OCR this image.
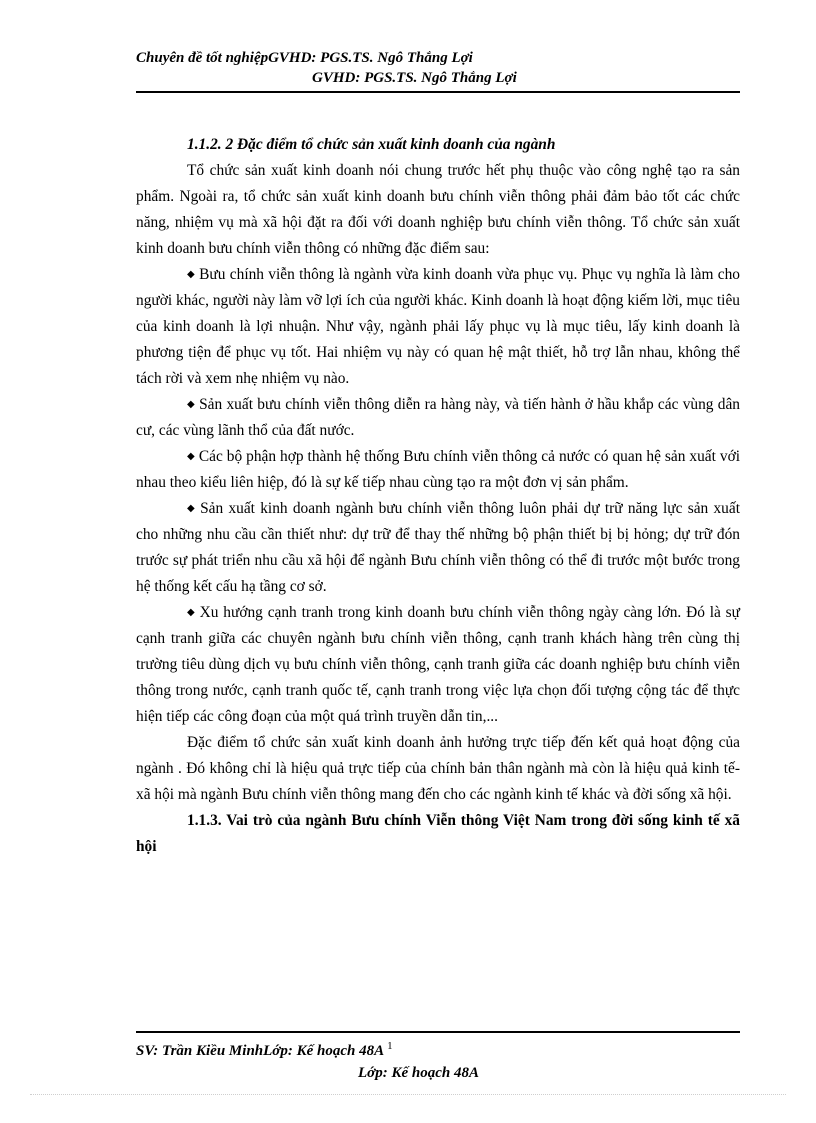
Chuyên đề tốt nghiệpGVHD: PGS.TS. Ngô Thắng Lợi
GVHD: PGS.TS. Ngô Thắng Lợi

1.1.2. 2 Đặc điểm tổ chức sản xuất kinh doanh của ngành

Tổ chức sản xuất kinh doanh nói chung trước hết phụ thuộc vào công nghệ tạo ra sản phẩm. Ngoài ra, tổ chức sản xuất kinh doanh bưu chính viễn thông phải đảm bảo tốt các chức năng, nhiệm vụ mà xã hội đặt ra đối với doanh nghiệp bưu chính viễn thông. Tổ chức sản xuất kinh doanh bưu chính viễn thông có những đặc điểm sau:

◆ Bưu chính viễn thông là ngành vừa kinh doanh vừa phục vụ. Phục vụ nghĩa là làm cho người khác, người này làm vỡ lợi ích của người khác. Kinh doanh là hoạt động kiếm lời, mục tiêu của kinh doanh là lợi nhuận. Như vậy, ngành phải lấy phục vụ là mục tiêu, lấy kinh doanh là phương tiện để phục vụ tốt. Hai nhiệm vụ này có quan hệ mật thiết, hỗ trợ lẫn nhau, không thể tách rời và xem nhẹ nhiệm vụ nào.

◆ Sản xuất bưu chính viễn thông diễn ra hàng này, và tiến hành ở hầu khắp các vùng dân cư, các vùng lãnh thổ của đất nước.

◆ Các bộ phận hợp thành hệ thống Bưu chính viễn thông cả nước có quan hệ sản xuất với nhau theo kiểu liên hiệp, đó là sự kế tiếp nhau cùng tạo ra một đơn vị sản phẩm.

◆ Sản xuất kinh doanh ngành bưu chính viễn thông luôn phải dự trữ năng lực sản xuất cho những nhu cầu cần thiết như: dự trữ để thay thế những bộ phận thiết bị bị hỏng; dự trữ đón trước sự phát triển nhu cầu xã hội để ngành Bưu chính viễn thông có thể đi trước một bước trong hệ thống kết cấu hạ tầng cơ sở.

◆ Xu hướng cạnh tranh trong kinh doanh bưu chính viễn thông ngày càng lớn. Đó là sự cạnh tranh giữa các chuyên ngành bưu chính viễn thông, cạnh tranh khách hàng trên cùng thị trường tiêu dùng dịch vụ bưu chính viễn thông, cạnh tranh giữa các doanh nghiệp bưu chính viễn thông trong nước, cạnh tranh quốc tế, cạnh tranh trong việc lựa chọn đối tượng cộng tác để thực hiện tiếp các công đoạn của một quá trình truyền dẫn tin,...

Đặc điểm tổ chức sản xuất kinh doanh ảnh hưởng trực tiếp đến kết quả hoạt động của ngành . Đó không chỉ là hiệu quả trực tiếp của chính bản thân ngành mà còn là hiệu quả kinh tế- xã hội mà ngành Bưu chính viễn thông mang đến cho các ngành kinh tế khác và đời sống xã hội.

1.1.3. Vai trò của ngành Bưu chính Viễn thông Việt Nam trong đời sống kinh tế xã hội

SV: Trần Kiều MinhLớp: Kế hoạch 48A $^1$
Lớp: Kế hoạch 48A
